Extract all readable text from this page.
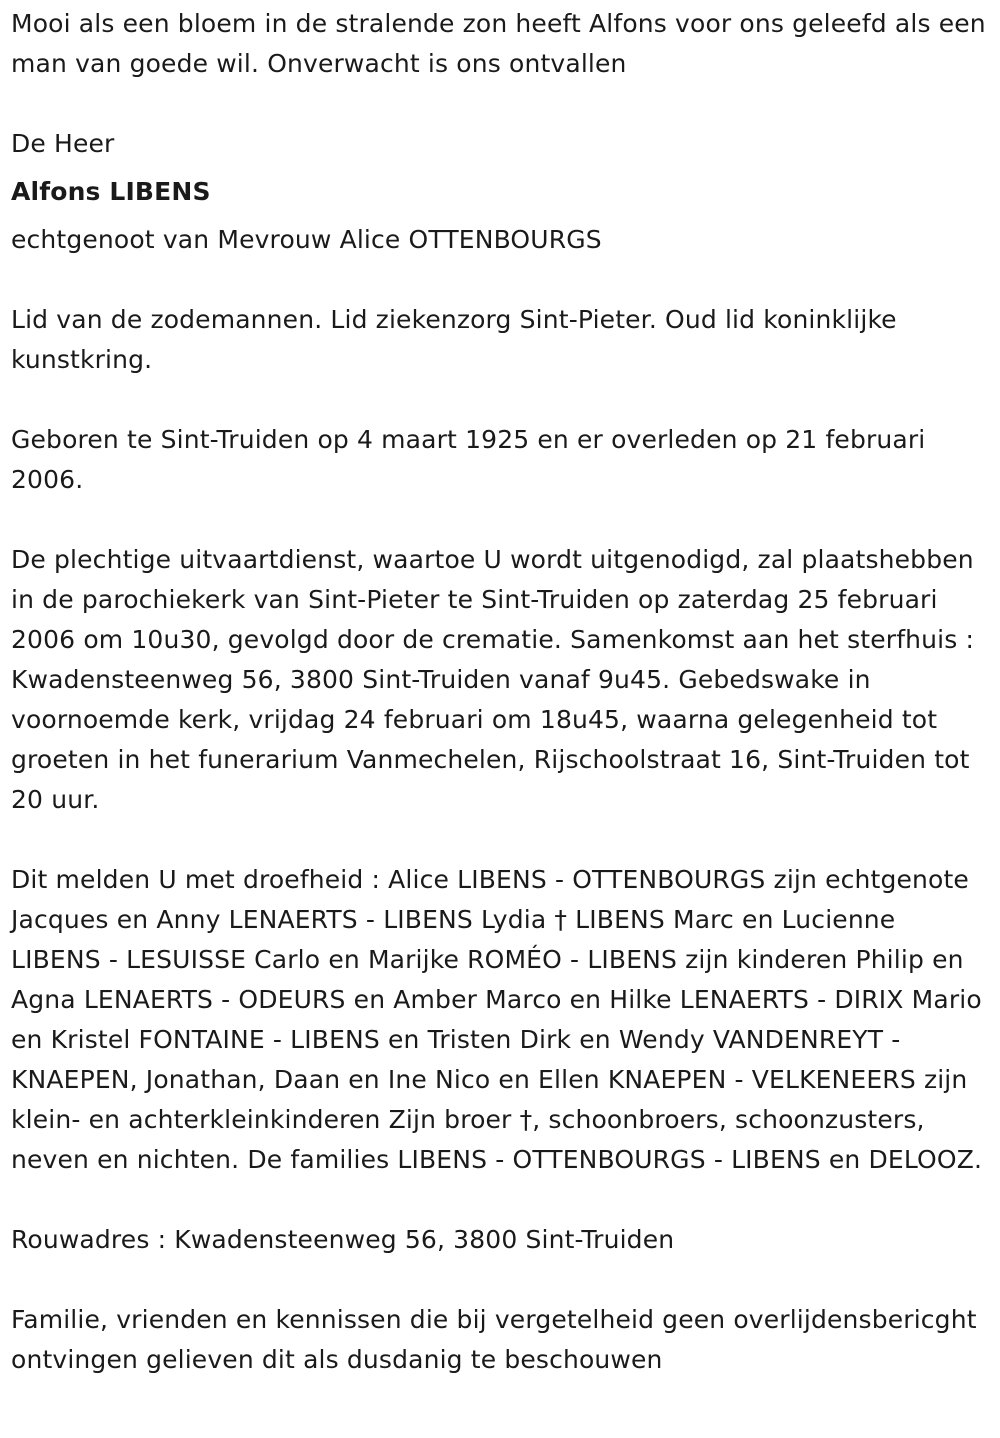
Mooi als een bloem in de stralende zon heeft Alfons voor ons geleefd als een man van goede wil. Onverwacht is ons ontvallen

De Heer

Alfons LIBENS

echtgenoot van Mevrouw Alice OTTENBOURGS

Lid van de zodemannen. Lid ziekenzorg Sint-Pieter. Oud lid koninklijke kunstkring.

Geboren te Sint-Truiden op 4 maart 1925 en er overleden op 21 februari 2006.

De plechtige uitvaartdienst, waartoe U wordt uitgenodigd, zal plaatshebben in de parochiekerk van Sint-Pieter te Sint-Truiden op zaterdag 25 februari 2006 om 10u30, gevolgd door de crematie. Samenkomst aan het sterfhuis : Kwadensteenweg 56, 3800 Sint-Truiden vanaf 9u45. Gebedswake in voornoemde kerk, vrijdag 24 februari om 18u45, waarna gelegenheid tot groeten in het funerarium Vanmechelen, Rijschoolstraat 16, Sint-Truiden tot 20 uur.

Dit melden U met droefheid : Alice LIBENS - OTTENBOURGS zijn echtgenote Jacques en Anny LENAERTS - LIBENS Lydia † LIBENS Marc en Lucienne LIBENS - LESUISSE Carlo en Marijke ROMÉO - LIBENS zijn kinderen Philip en Agna LENAERTS - ODEURS en Amber Marco en Hilke LENAERTS - DIRIX Mario en Kristel FONTAINE - LIBENS en Tristen Dirk en Wendy VANDENREYT - KNAEPEN, Jonathan, Daan en Ine Nico en Ellen KNAEPEN - VELKENEERS zijn klein- en achterkleinkinderen Zijn broer †, schoonbroers, schoonzusters, neven en nichten. De families LIBENS - OTTENBOURGS - LIBENS en DELOOZ.

Rouwadres : Kwadensteenweg 56, 3800 Sint-Truiden

Familie, vrienden en kennissen die bij vergetelheid geen overlijdensbericght ontvingen gelieven dit als dusdanig te beschouwen
